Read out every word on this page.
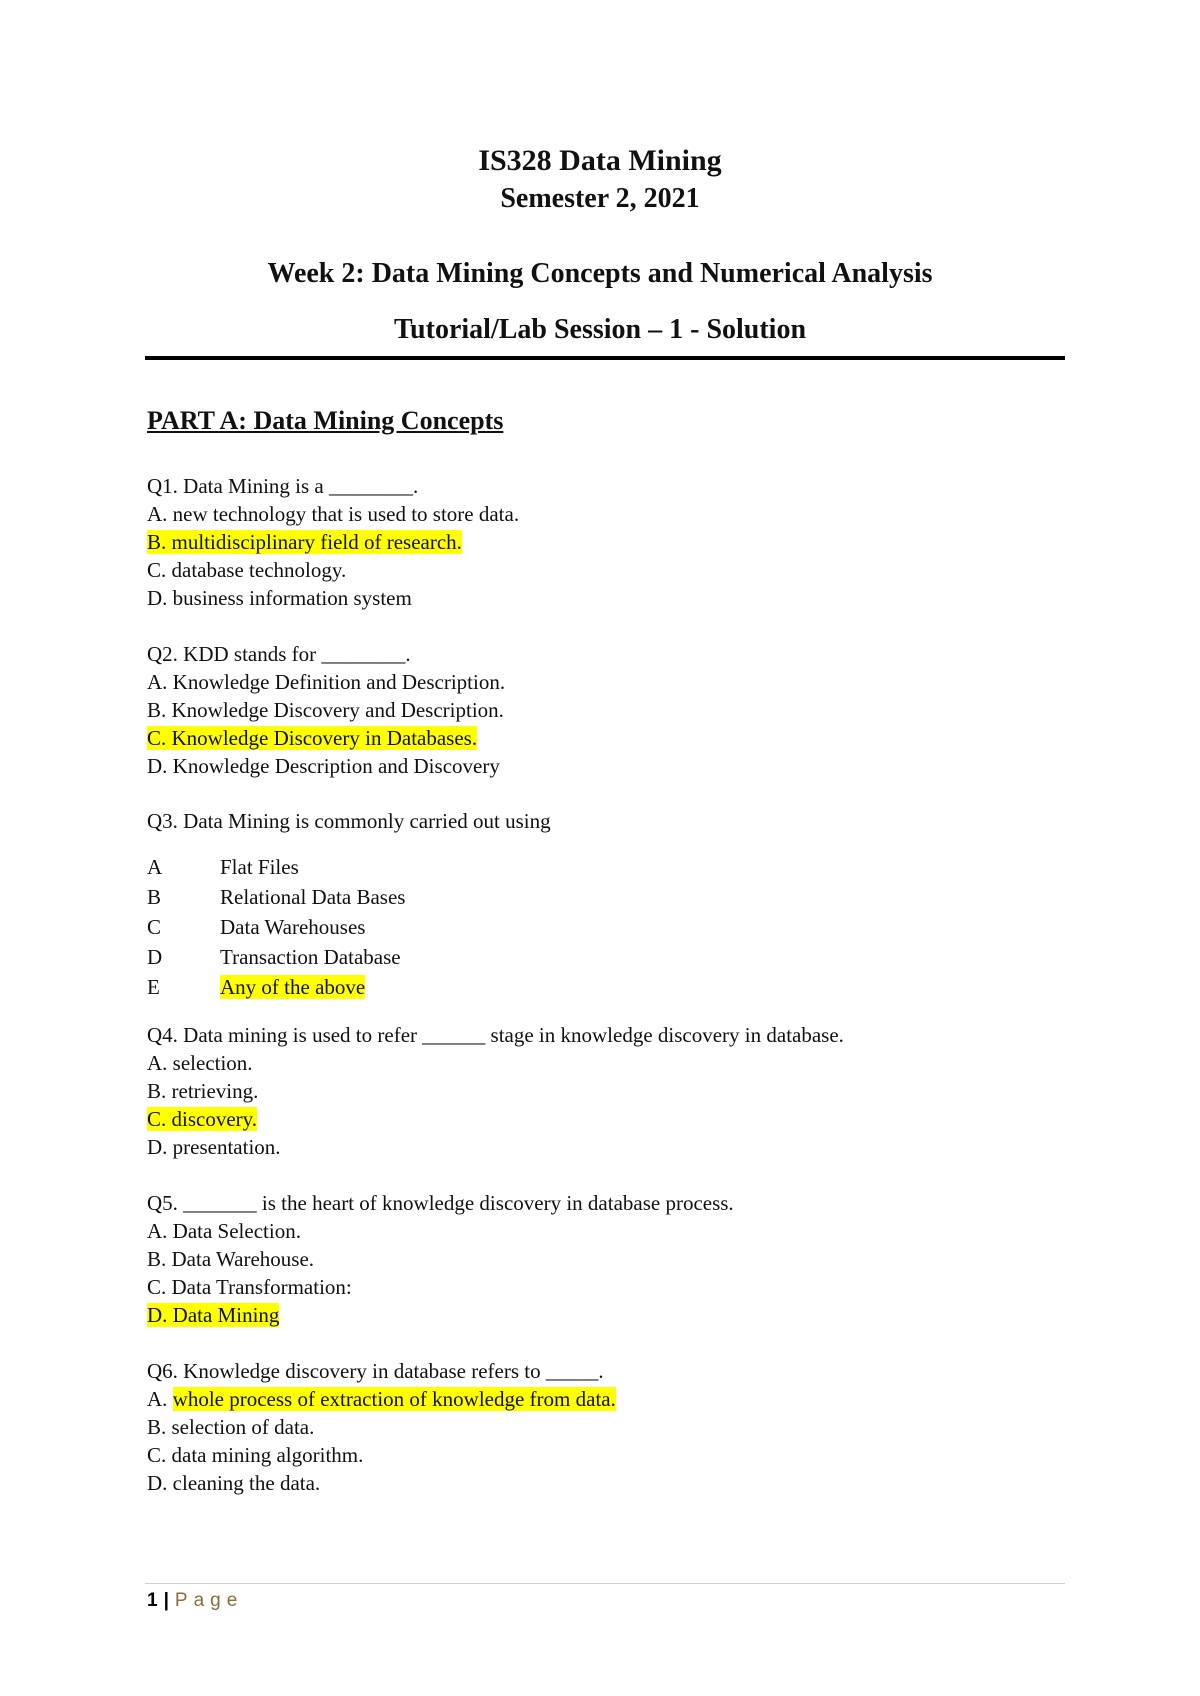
IS328 Data Mining
Semester 2, 2021
Week 2: Data Mining Concepts and Numerical Analysis
Tutorial/Lab Session – 1 - Solution
PART A: Data Mining Concepts
Q1. Data Mining is a ________.
A. new technology that is used to store data.
B. multidisciplinary field of research.
C. database technology.
D. business information system
Q2. KDD stands for ________.
A. Knowledge Definition and Description.
B. Knowledge Discovery and Description.
C. Knowledge Discovery in Databases.
D. Knowledge Description and Discovery
Q3. Data Mining is commonly carried out using
A	Flat Files
B	Relational Data Bases
C	Data Warehouses
D	Transaction Database
E	Any of the above
Q4. Data mining is used to refer ______ stage in knowledge discovery in database.
A. selection.
B. retrieving.
C. discovery.
D. presentation.
Q5. _______ is the heart of knowledge discovery in database process.
A. Data Selection.
B. Data Warehouse.
C. Data Transformation:
D. Data Mining
Q6. Knowledge discovery in database refers to _____.
A. whole process of extraction of knowledge from data.
B. selection of data.
C. data mining algorithm.
D. cleaning the data.
1 | Page
